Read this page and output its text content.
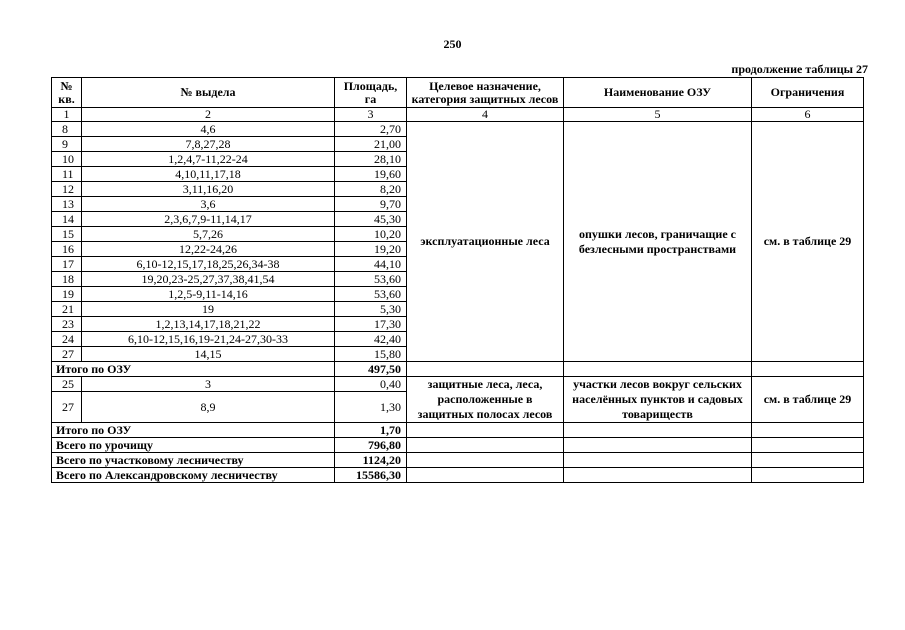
250
продолжение таблицы 27
№ кв.	№ выдела	Площадь, га	Целевое назначение, категория защитных лесов	Наименование ОЗУ	Ограничения
1	2	3	4	5	6
8	4,6	2,70	эксплуатационные леса	опушки лесов, граничащие с безлесными пространствами	см. в таблице 29
9	7,8,27,28	21,00			
10	1,2,4,7-11,22-24	28,10			
11	4,10,11,17,18	19,60			
12	3,11,16,20	8,20			
13	3,6	9,70			
14	2,3,6,7,9-11,14,17	45,30			
15	5,7,26	10,20			
16	12,22-24,26	19,20			
17	6,10-12,15,17,18,25,26,34-38	44,10			
18	19,20,23-25,27,37,38,41,54	53,60			
19	1,2,5-9,11-14,16	53,60			
21	19	5,30			
23	1,2,13,14,17,18,21,22	17,30			
24	6,10-12,15,16,19-21,24-27,30-33	42,40			
27	14,15	15,80			
Итого по ОЗУ		497,50			
25	3	0,40	защитные леса, леса, расположенные в защитных полосах лесов	участки лесов вокруг сельских населённых пунктов и садовых товариществ	см. в таблице 29
27	8,9	1,30			
Итого по ОЗУ		1,70			
Всего по урочищу		796,80			
Всего по участковому лесничеству		1124,20			
Всего по Александровскому лесничеству		15586,30			
